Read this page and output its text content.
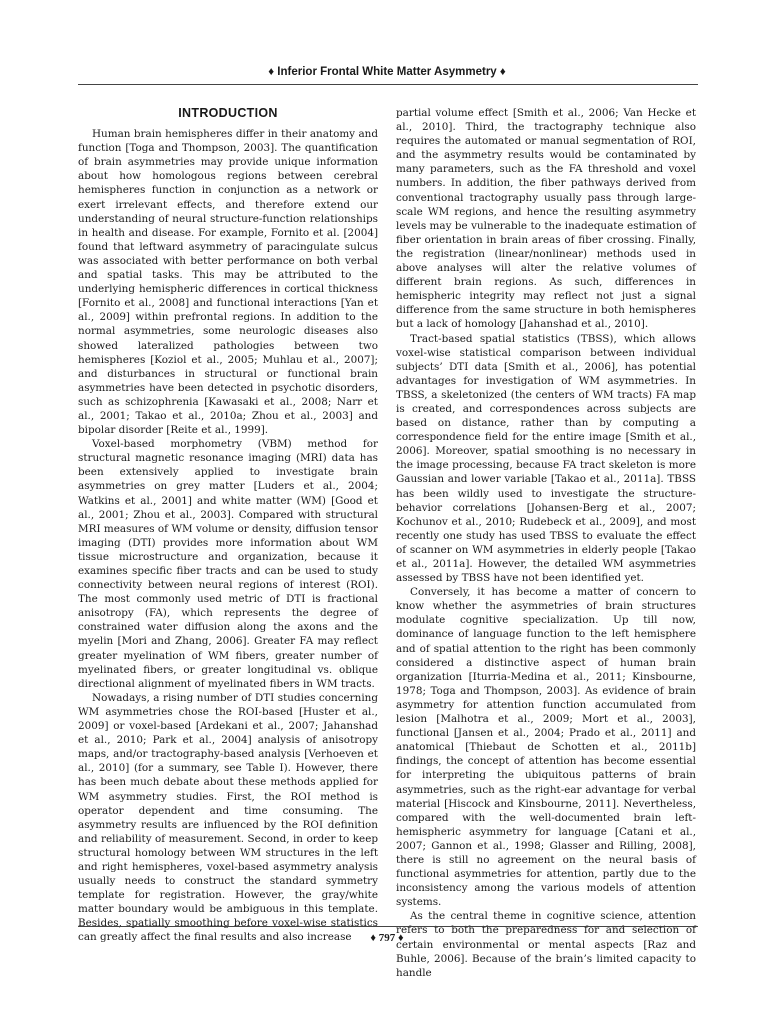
♦ Inferior Frontal White Matter Asymmetry ♦
INTRODUCTION

Human brain hemispheres differ in their anatomy and function [Toga and Thompson, 2003]. The quantification of brain asymmetries may provide unique information about how homologous regions between cerebral hemispheres function in conjunction as a network or exert irrelevant effects, and therefore extend our understanding of neural structure-function relationships in health and disease. For example, Fornito et al. [2004] found that leftward asymmetry of paracingulate sulcus was associated with better performance on both verbal and spatial tasks. This may be attributed to the underlying hemispheric differences in cortical thickness [Fornito et al., 2008] and functional interactions [Yan et al., 2009] within prefrontal regions. In addition to the normal asymmetries, some neurologic diseases also showed lateralized pathologies between two hemispheres [Koziol et al., 2005; Muhlau et al., 2007]; and disturbances in structural or functional brain asymmetries have been detected in psychotic disorders, such as schizophrenia [Kawasaki et al., 2008; Narr et al., 2001; Takao et al., 2010a; Zhou et al., 2003] and bipolar disorder [Reite et al., 1999].

Voxel-based morphometry (VBM) method for structural magnetic resonance imaging (MRI) data has been extensively applied to investigate brain asymmetries on grey matter [Luders et al., 2004; Watkins et al., 2001] and white matter (WM) [Good et al., 2001; Zhou et al., 2003]. Compared with structural MRI measures of WM volume or density, diffusion tensor imaging (DTI) provides more information about WM tissue microstructure and organization, because it examines specific fiber tracts and can be used to study connectivity between neural regions of interest (ROI). The most commonly used metric of DTI is fractional anisotropy (FA), which represents the degree of constrained water diffusion along the axons and the myelin [Mori and Zhang, 2006]. Greater FA may reflect greater myelination of WM fibers, greater number of myelinated fibers, or greater longitudinal vs. oblique directional alignment of myelinated fibers in WM tracts.

Nowadays, a rising number of DTI studies concerning WM asymmetries chose the ROI-based [Huster et al., 2009] or voxel-based [Ardekani et al., 2007; Jahanshad et al., 2010; Park et al., 2004] analysis of anisotropy maps, and/or tractography-based analysis [Verhoeven et al., 2010] (for a summary, see Table I). However, there has been much debate about these methods applied for WM asymmetry studies. First, the ROI method is operator dependent and time consuming. The asymmetry results are influenced by the ROI definition and reliability of measurement. Second, in order to keep structural homology between WM structures in the left and right hemispheres, voxel-based asymmetry analysis usually needs to construct the standard symmetry template for registration. However, the gray/white matter boundary would be ambiguous in this template. Besides, spatially smoothing before voxel-wise statistics can greatly affect the final results and also increase

partial volume effect [Smith et al., 2006; Van Hecke et al., 2010]. Third, the tractography technique also requires the automated or manual segmentation of ROI, and the asymmetry results would be contaminated by many parameters, such as the FA threshold and voxel numbers. In addition, the fiber pathways derived from conventional tractography usually pass through large-scale WM regions, and hence the resulting asymmetry levels may be vulnerable to the inadequate estimation of fiber orientation in brain areas of fiber crossing. Finally, the registration (linear/nonlinear) methods used in above analyses will alter the relative volumes of different brain regions. As such, differences in hemispheric integrity may reflect not just a signal difference from the same structure in both hemispheres but a lack of homology [Jahanshad et al., 2010].

Tract-based spatial statistics (TBSS), which allows voxel-wise statistical comparison between individual subjects’ DTI data [Smith et al., 2006], has potential advantages for investigation of WM asymmetries. In TBSS, a skeletonized (the centers of WM tracts) FA map is created, and correspondences across subjects are based on distance, rather than by computing a correspondence field for the entire image [Smith et al., 2006]. Moreover, spatial smoothing is no necessary in the image processing, because FA tract skeleton is more Gaussian and lower variable [Takao et al., 2011a]. TBSS has been wildly used to investigate the structure-behavior correlations [Johansen-Berg et al., 2007; Kochunov et al., 2010; Rudebeck et al., 2009], and most recently one study has used TBSS to evaluate the effect of scanner on WM asymmetries in elderly people [Takao et al., 2011a]. However, the detailed WM asymmetries assessed by TBSS have not been identified yet.

Conversely, it has become a matter of concern to know whether the asymmetries of brain structures modulate cognitive specialization. Up till now, dominance of language function to the left hemisphere and of spatial attention to the right has been commonly considered a distinctive aspect of human brain organization [Iturria-Medina et al., 2011; Kinsbourne, 1978; Toga and Thompson, 2003]. As evidence of brain asymmetry for attention function accumulated from lesion [Malhotra et al., 2009; Mort et al., 2003], functional [Jansen et al., 2004; Prado et al., 2011] and anatomical [Thiebaut de Schotten et al., 2011b] findings, the concept of attention has become essential for interpreting the ubiquitous patterns of brain asymmetries, such as the right-ear advantage for verbal material [Hiscock and Kinsbourne, 2011]. Nevertheless, compared with the well-documented brain left-hemispheric asymmetry for language [Catani et al., 2007; Gannon et al., 1998; Glasser and Rilling, 2008], there is still no agreement on the neural basis of functional asymmetries for attention, partly due to the inconsistency among the various models of attention systems.

As the central theme in cognitive science, attention refers to both the preparedness for and selection of certain environmental or mental aspects [Raz and Buhle, 2006]. Because of the brain’s limited capacity to handle

♦ 797 ♦
